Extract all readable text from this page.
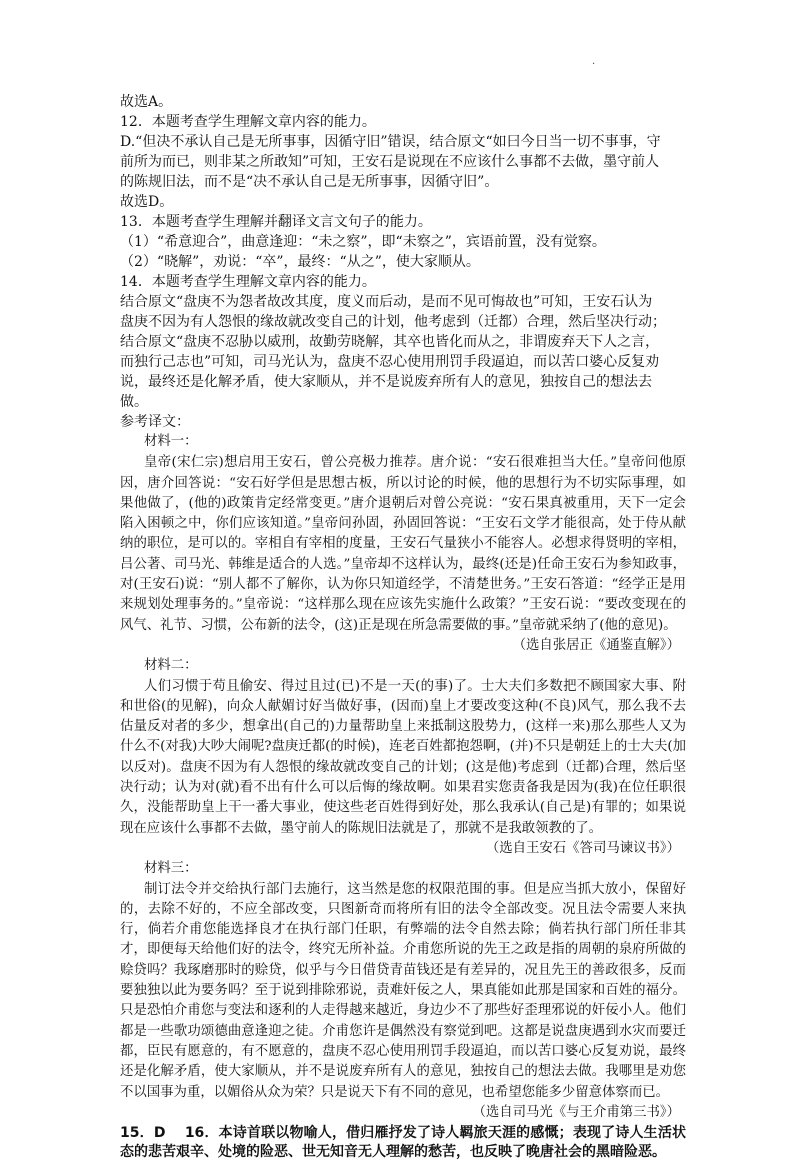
.
故选A。
12．本题考查学生理解文章内容的能力。
D.“但决不承认自己是无所事事，因循守旧”错误，结合原文“如曰今日当一切不事事，守
前所为而已，则非某之所敢知”可知，王安石是说现在不应该什么事都不去做，墨守前人
的陈规旧法，而不是“决不承认自己是无所事事，因循守旧”。
故选D。
13．本题考查学生理解并翻译文言文句子的能力。
（1）“希意迎合”，曲意逢迎：“未之察”，即“未察之”，宾语前置，没有觉察。
（2）“晓解”，劝说：“卒”，最终：“从之”，使大家顺从。
14．本题考查学生理解文章内容的能力。
结合原文“盘庚不为怨者故改其度，度义而后动，是而不见可悔故也”可知，王安石认为
盘庚不因为有人怨恨的缘故就改变自己的计划，他考虑到（迁都）合理，然后坚决行动；
结合原文“盘庚不忍胁以威刑，故勤劳晓解，其卒也皆化而从之，非谓废弃天下人之言，
而独行己志也”可知，司马光认为，盘庚不忍心使用刑罚手段逼迫，而以苦口婆心反复劝
说，最终还是化解矛盾，使大家顺从，并不是说废弃所有人的意见，独按自己的想法去
做。
参考译文：
材料一：

皇帝(宋仁宗)想启用王安石，曾公亮极力推荐。唐介说：“安石很难担当大任。”皇帝问他原因，唐介回答说：“安石好学但是思想古板，所以讨论的时候，他的思想行为不切实际事理，如果他做了，(他的)政策肯定经常变更。”唐介退朝后对曾公亮说：“安石果真被重用，天下一定会陷入困顿之中，你们应该知道。”皇帝问孙固，孙固回答说：“王安石文学才能很高，处于侍从献纳的职位，是可以的。宰相自有宰相的度量，王安石气量狭小不能容人。必想求得贤明的宰相，吕公著、司马光、韩维是适合的人选。”皇帝却不这样认为，最终(还是)任命王安石为参知政事，对(王安石)说：“别人都不了解你，认为你只知道经学，不清楚世务。”王安石答道：“经学正是用来规划处理事务的。”皇帝说：“这样那么现在应该先实施什么政策？”王安石说：“要改变现在的风气、礼节、习惯，公布新的法令，(这)正是现在所急需要做的事。”皇帝就采纳了(他的意见)。

（选自张居正《通鉴直解》）
材料二：

人们习惯于苟且偷安、得过且过(已)不是一天(的事)了。士大夫们多数把不顾国家大事、附和世俗(的见解)，向众人献媚讨好当做好事，(因而)皇上才要改变这种(不良)风气，那么我不去估量反对者的多少，想拿出(自己的)力量帮助皇上来抵制这股势力，(这样一来)那么那些人又为什么不(对我)大吵大闹呢?盘庚迁都(的时候)，连老百姓都抱怨啊，(并)不只是朝廷上的士大夫(加以反对)。盘庚不因为有人怨恨的缘故就改变自己的计划；(这是他)考虑到（迁都)合理，然后坚决行动；认为对(就)看不出有什么可以后悔的缘故啊。如果君实您责备我是因为(我)在位任职很久，没能帮助皇上干一番大事业，使这些老百姓得到好处，那么我承认(自己是)有罪的；如果说现在应该什么事都不去做，墨守前人的陈规旧法就是了，那就不是我敢领教的了。

（选自王安石《答司马谏议书》）
材料三：

制订法令并交给执行部门去施行，这当然是您的权限范围的事。但是应当抓大放小，保留好的，去除不好的，不应全部改变，只图新奇而将所有旧的法令全部改变。况且法令需要人来执行，倘若介甫您能选择良才在执行部门任职，有弊端的法令自然去除；倘若执行部门所任非其才，即便每天给他们好的法令，终究无所补益。介甫您所说的先王之政是指的周朝的泉府所做的赊贷吗？我琢磨那时的赊贷，似乎与今日借贷青苗钱还是有差异的，况且先王的善政很多，反而要独独以此为要务吗？至于说到排除邪说，责难奸佞之人，果真能如此那是国家和百姓的福分。只是恐怕介甫您与变法和逐利的人走得越来越近，身边少不了那些好歪理邪说的奸佞小人。他们都是一些歌功颂德曲意逢迎之徒。介甫您许是偶然没有察觉到吧。这都是说盘庚遇到水灾而要迁都，臣民有愿意的，有不愿意的，盘庚不忍心使用刑罚手段逼迫，而以苦口婆心反复劝说，最终还是化解矛盾，使大家顺从，并不是说废弃所有人的意见，独按自己的想法去做。我哪里是劝您不以国事为重，以媚俗从众为荣？只是说天下有不同的意见，也希望您能多少留意体察而已。

（选自司马光《与王介甫第三书》）
15．D　 16．本诗首联以物喻人，借归雁抒发了诗人羁旅天涯的感慨；表现了诗人生活状态的悲苦艰辛、处境的险恶、世无知音无人理解的愁苦，也反映了晚唐社会的黑暗险恶。
